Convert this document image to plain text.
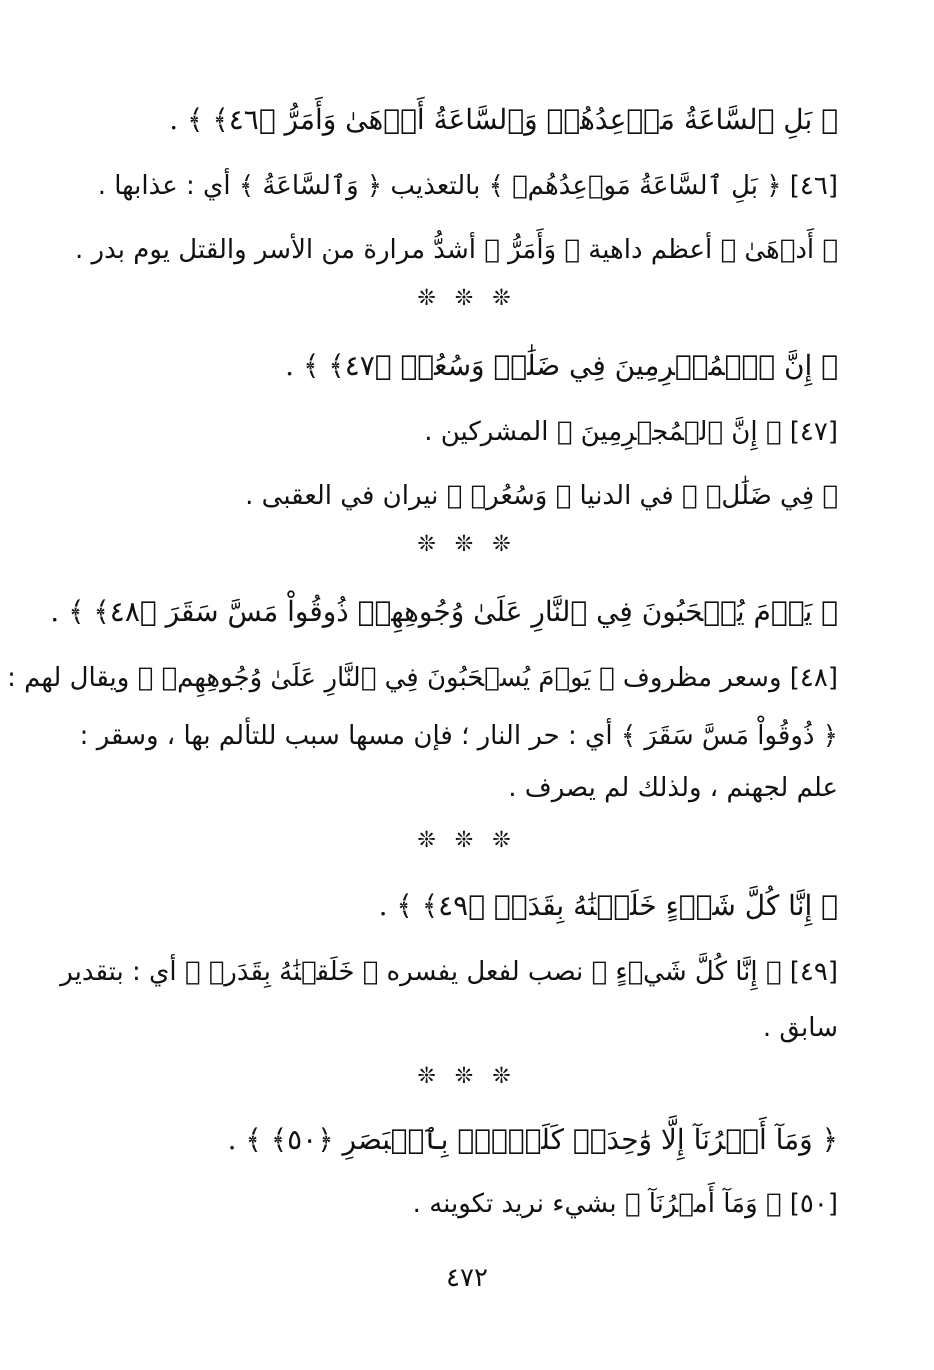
﴿ بَلِ ٱلسَّاعَةُ مَوۡعِدُهُمۡ وَٱلسَّاعَةُ أَدۡهَىٰ وَأَمَرُّ ﴿٤٦﴾ ﴾ .
[٤٦] ﴿ بَلِ ٱلسَّاعَةُ مَوۡعِدُهُمۡ ﴾ بالتعذيب ﴿ وَٱلسَّاعَةُ ﴾ أي : عذابها .
﴿ أَدۡهَىٰ ﴾ أعظم داهية ﴿ وَأَمَرُّ ﴾ أشدُّ مرارة من الأسر والقتل يوم بدر .
❊ ❊ ❊
﴿ إِنَّ ٱلۡمُجۡرِمِينَ فِي ضَلَٰلٖ وَسُعُرٖ ﴿٤٧﴾ ﴾ .
[٤٧] ﴿ إِنَّ ٱلۡمُجۡرِمِينَ ﴾ المشركين .
﴿ فِي ضَلَٰلٖ ﴾ في الدنيا ﴿ وَسُعُرٖ ﴾ نيران في العقبى .
❊ ❊ ❊
﴿ يَوۡمَ يُسۡحَبُونَ فِي ٱلنَّارِ عَلَىٰ وُجُوهِهِمۡ ذُوقُواْ مَسَّ سَقَرَ ﴿٤٨﴾ ﴾ .
[٤٨] وسعر مظروف ﴿ يَوۡمَ يُسۡحَبُونَ فِي ٱلنَّارِ عَلَىٰ وُجُوهِهِمۡ ﴾ ويقال لهم :
﴿ ذُوقُواْ مَسَّ سَقَرَ ﴾ أي : حر النار ؛ فإن مسها سبب للتألم بها ، وسقر :
علم لجهنم ، ولذلك لم يصرف .
❊ ❊ ❊
﴿ إِنَّا كُلَّ شَيۡءٍ خَلَقۡنَٰهُ بِقَدَرٖ ﴿٤٩﴾ ﴾ .
[٤٩] ﴿ إِنَّا كُلَّ شَيۡءٍ ﴾ نصب لفعل يفسره ﴿ خَلَقۡنَٰهُ بِقَدَرٖ ﴾ أي : بتقدير
سابق .
❊ ❊ ❊
﴿ وَمَآ أَمۡرُنَآ إِلَّا وَٰحِدَةٞ كَلَمۡحِۭ بِٱلۡبَصَرِ ﴿٥٠﴾ ﴾ .
[٥٠] ﴿ وَمَآ أَمۡرُنَآ ﴾ بشيء نريد تكوينه .
٤٧٢
